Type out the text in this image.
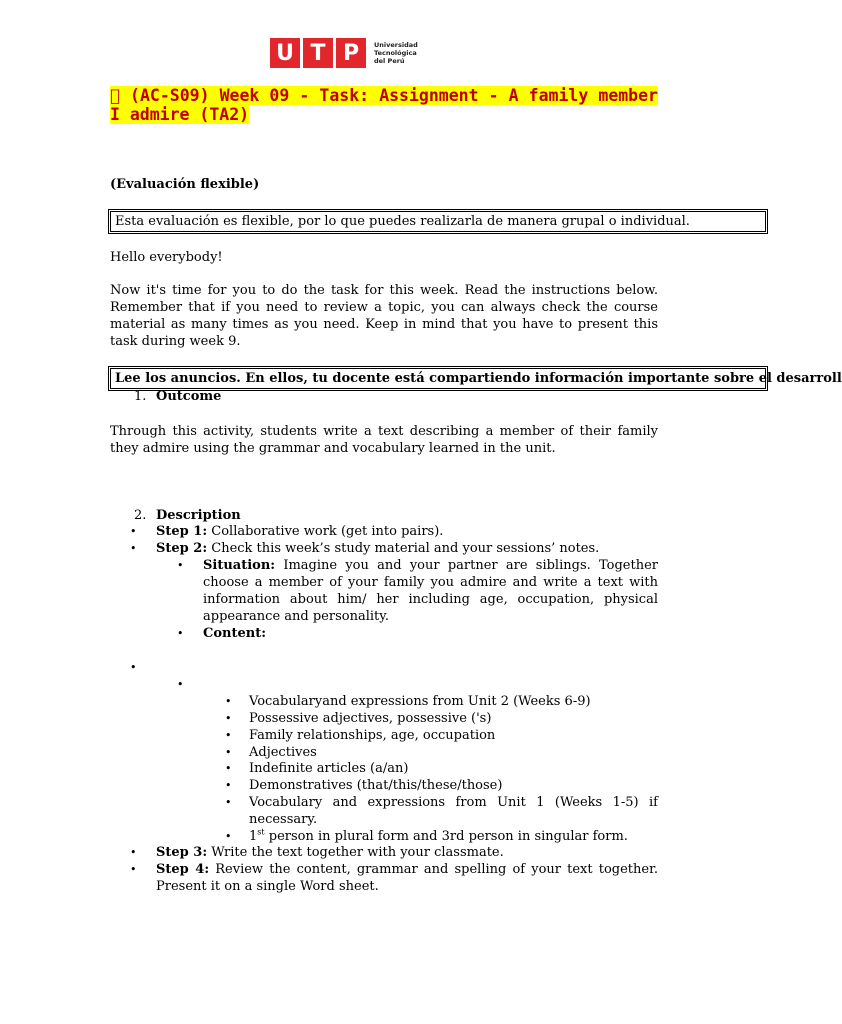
U T P	Universidad
Tecnológica
del Perú
  (AC-S09) Week 09 - Task: Assignment - A family member I admire (TA2)
(Evaluación flexible)
Esta evaluación es flexible, por lo que puedes realizarla de manera grupal o individual.
Hello everybody!
Now it's time for you to do the task for this week. Read the instructions below. Remember that if you need to review a topic, you can always check the course material as many times as you need. Keep in mind that you have to present this task during week 9.
Lee los anuncios. En ellos, tu docente está compartiendo información importante sobre el desarroll
1. Outcome
Through this activity, students write a text describing a member of their family they admire using the grammar and vocabulary learned in the unit.
2. Description
• Step 1: Collaborative work (get into pairs).
• Step 2: Check this week’s study material and your sessions’ notes.
• Situation: Imagine you and your partner are siblings. Together choose a member of your family you admire and write a text with information about him/ her including age, occupation, physical appearance and personality.
• Content:
•
•
• Vocabularyand expressions from Unit 2 (Weeks 6-9)
• Possessive adjectives, possessive ('s)
• Family relationships, age, occupation
• Adjectives
• Indefinite articles (a/an)
• Demonstratives (that/this/these/those)
• Vocabulary and expressions from Unit 1 (Weeks 1-5) if necessary.
• 1st person in plural form and 3rd person in singular form.
• Step 3: Write the text together with your classmate.
• Step 4: Review the content, grammar and spelling of your text together. Present it on a single Word sheet.
